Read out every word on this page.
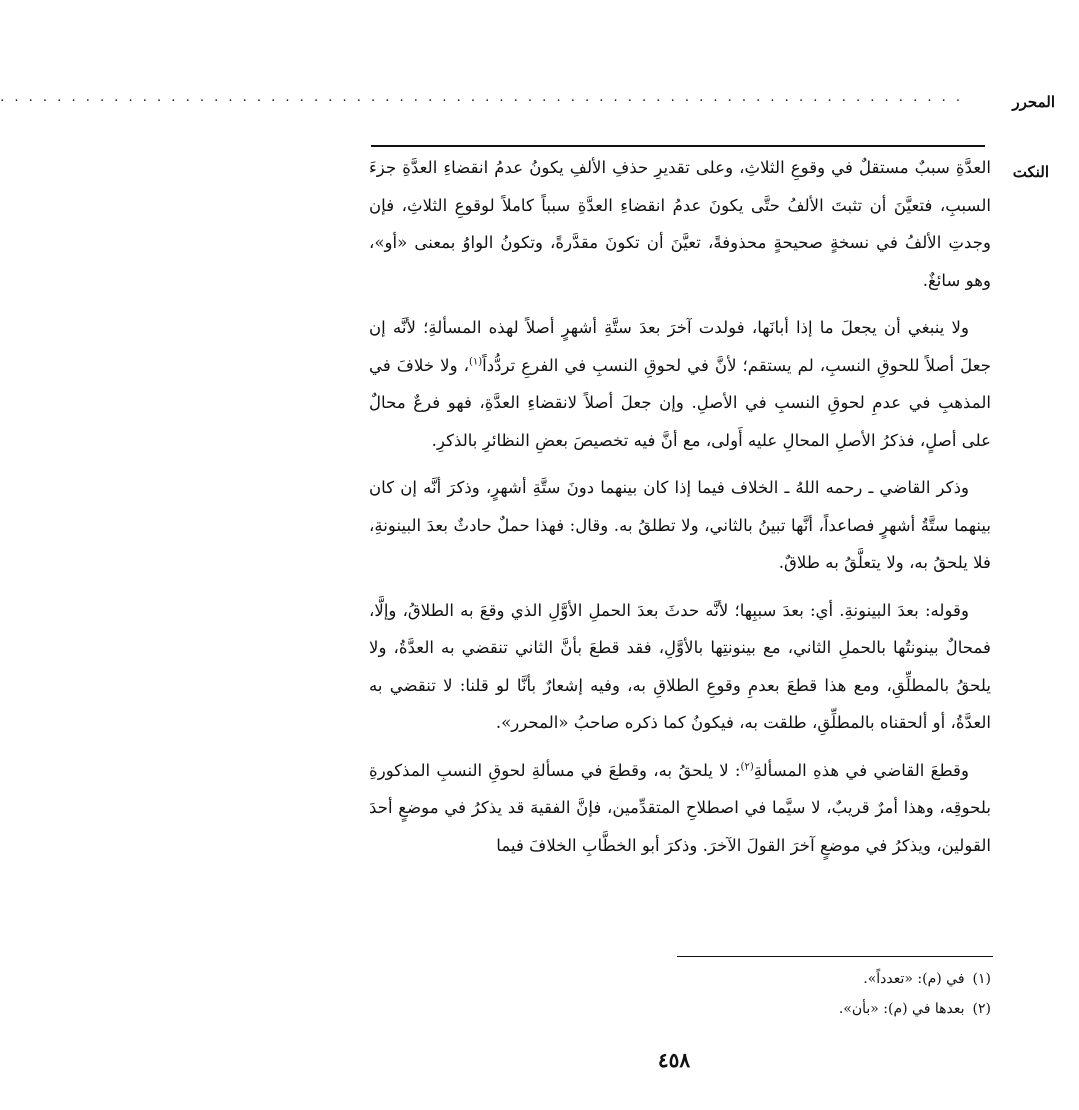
المحرر
. . . . . . . . . . . . . . . . . . . . . . . . . . . . . . . . . . . . . . . . . . . . . . . . . . . . . . . . . . . . . . . . . . . .
النكت

العدَّةِ سببٌ مستقلٌ في وقوعِ الثلاثِ، وعلى تقديرِ حذفِ الألفِ يكونُ عدمُ انقضاءِ العدَّةِ جزءَ السببِ، فتعيَّنَ أن تثبتَ الألفُ حتَّى يكونَ عدمُ انقضاءِ العدَّةِ سبباً كاملاً لوقوعِ الثلاثِ، فإن وجدتِ الألفُ في نسخةٍ صحيحةٍ محذوفةً، تعيَّنَ أن تكونَ مقدَّرةً، وتكونُ الواوُ بمعنى «أو»، وهو سائغٌ.

ولا ينبغي أن يجعلَ ما إذا أبانَها، فولدت آخرَ بعدَ ستَّةِ أشهرٍ أصلاً لهذه المسألةِ؛ لأنَّه إن جعلَ أصلاً للحوقِ النسبِ، لم يستقم؛ لأنَّ في لحوقِ النسبِ في الفرعِ تردُّداً$^{(١)}$، ولا خلافَ في المذهبِ في عدمِ لحوقِ النسبِ في الأصلِ. وإن جعلَ أصلاً لانقضاءِ العدَّةِ، فهو فرعٌ محالٌ على أصلٍ، فذكرُ الأصلِ المحالِ عليه أَولى، مع أنَّ فيه تخصيصَ بعضِ النظائرِ بالذكرِ.

وذكر القاضي ـ رحمه اللهُ ـ الخلاف فيما إذا كان بينهما دونَ ستَّةِ أشهرٍ، وذكرَ أنَّه إن كان بينهما ستَّةُ أشهرٍ فصاعداً، أنَّها تبينُ بالثاني، ولا تطلقُ به. وقال: فهذا حملٌ حادثٌ بعدَ البينونةِ، فلا يلحقُ به، ولا يتعلَّقُ به طلاقٌ.

وقوله: بعدَ البينونةِ. أي: بعدَ سببِها؛ لأنَّه حدثَ بعدَ الحملِ الأوَّلِ الذي وقعَ به الطلاقُ، وإلَّا، فمحالٌ بينونتُها بالحملِ الثاني، مع بينونتِها بالأوَّلِ، فقد قطعَ بأنَّ الثاني تنقضي به العدَّةُ، ولا يلحقُ بالمطلِّقِ، ومع هذا قطعَ بعدمِ وقوعِ الطلاقِ به، وفيه إشعارٌ بأنَّا لو قلنا: لا تنقضي به العدَّةُ، أو ألحقناه بالمطلِّقِ، طلقت به، فيكونُ كما ذكره صاحبُ «المحرر».

وقطعَ القاضي في هذهِ المسألةِ$^{(٢)}$: لا يلحقُ به، وقطعَ في مسألةِ لحوقِ النسبِ المذكورةِ بلحوقِه، وهذا أمرٌ قريبٌ، لا سيَّما في اصطلاحِ المتقدِّمين، فإنَّ الفقيهَ قد يذكرُ في موضعٍ أحدَ القولين، ويذكرُ في موضعٍ آخرَ القولَ الآخرَ. وذكرَ أبو الخطَّابِ الخلافَ فيما

(١)في (م): «تعدداً».
(٢)بعدها في (م): «بأن».
٤٥٨
